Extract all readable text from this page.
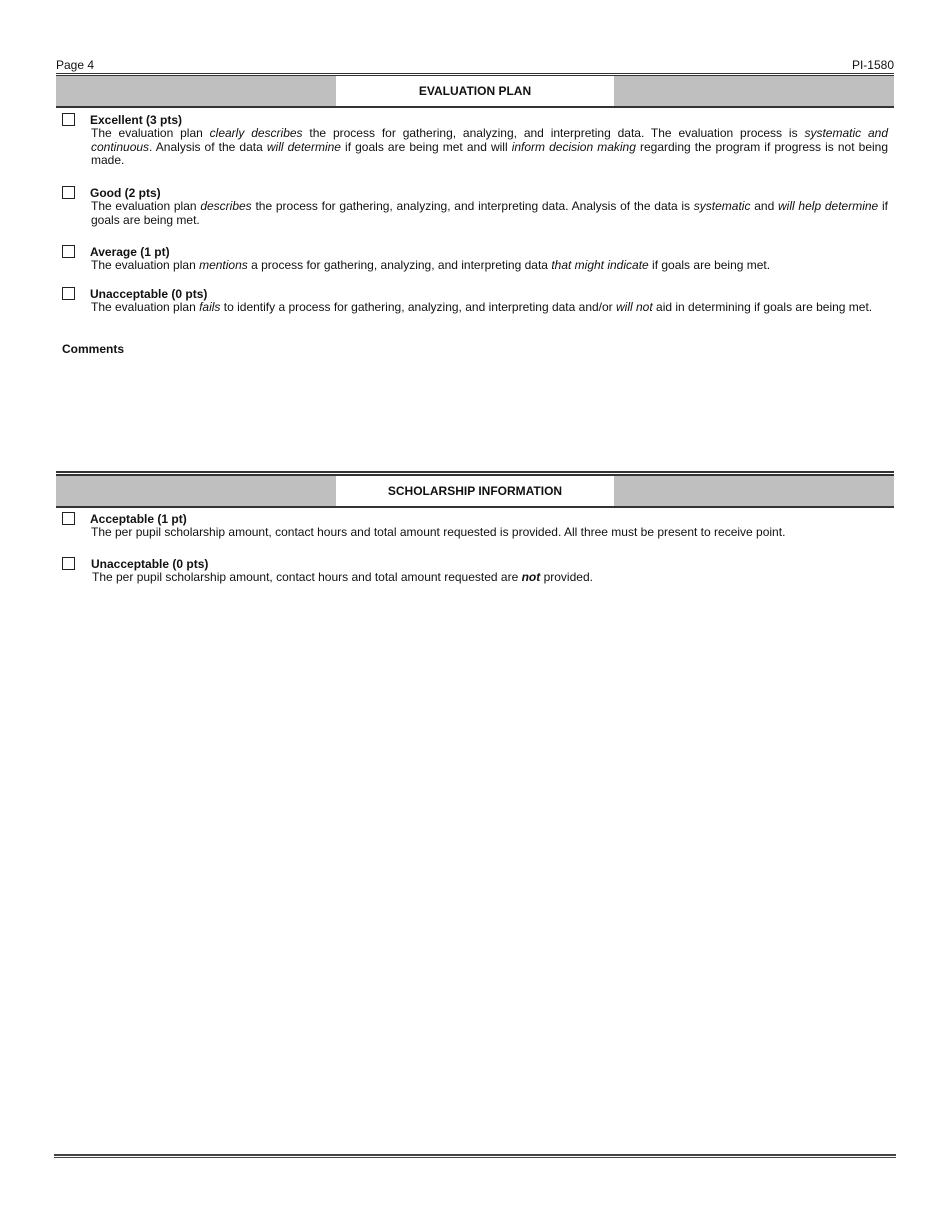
Page 4	PI-1580
EVALUATION PLAN
Excellent (3 pts)
The evaluation plan clearly describes the process for gathering, analyzing, and interpreting data. The evaluation process is systematic and continuous. Analysis of the data will determine if goals are being met and will inform decision making regarding the program if progress is not being made.
Good (2 pts)
The evaluation plan describes the process for gathering, analyzing, and interpreting data. Analysis of the data is systematic and will help determine if goals are being met.
Average (1 pt)
The evaluation plan mentions a process for gathering, analyzing, and interpreting data that might indicate if goals are being met.
Unacceptable (0 pts)
The evaluation plan fails to identify a process for gathering, analyzing, and interpreting data and/or will not aid in determining if goals are being met.
Comments
SCHOLARSHIP INFORMATION
Acceptable (1 pt)
The per pupil scholarship amount, contact hours and total amount requested is provided. All three must be present to receive point.
Unacceptable (0 pts)
The per pupil scholarship amount, contact hours and total amount requested are not provided.
